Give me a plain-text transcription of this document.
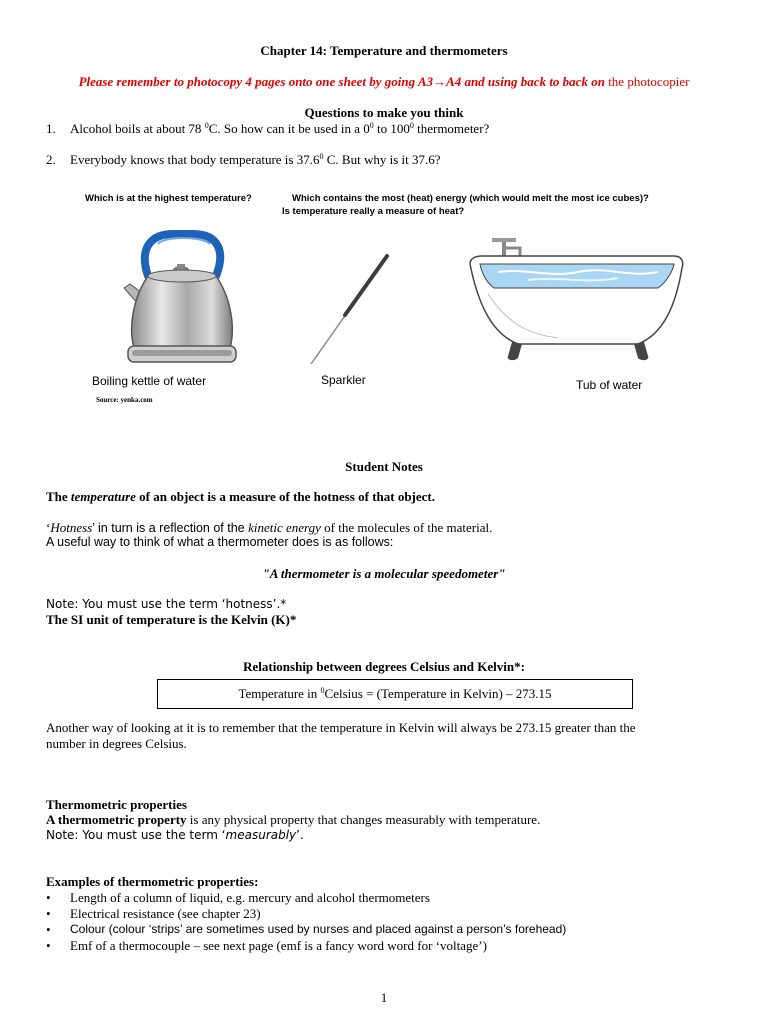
Chapter 14: Temperature and thermometers
Please remember to photocopy 4 pages onto one sheet by going A3→A4 and using back to back on the photocopier
Questions to make you think
1. Alcohol boils at about 78 $^0$C. So how can it be used in a $0^0$ to $100^0$ thermometer?
2. Everybody knows that body temperature is 37.6$^0$ C. But why is it 37.6?
Which is at the highest temperature?	Which contains the most (heat) energy (which would melt the most ice cubes)?
Is temperature really a measure of heat?
Boiling kettle of water
Source: yenka.com
Sparkler	Tub of water
Student Notes
The temperature of an object is a measure of the hotness of that object.
‘Hotness’ in turn is a reflection of the kinetic energy of the molecules of the material.
A useful way to think of what a thermometer does is as follows:
"A thermometer is a molecular speedometer"
Note: You must use the term ‘hotness’.*
The SI unit of temperature is the Kelvin (K)*
Relationship between degrees Celsius and Kelvin*:
Temperature in $^0$Celsius = (Temperature in Kelvin) – 273.15
Another way of looking at it is to remember that the temperature in Kelvin will always be 273.15 greater than the
number in degrees Celsius.
Thermometric properties
A thermometric property is any physical property that changes measurably with temperature.
Note: You must use the term ‘measurably’.
Examples of thermometric properties:
• Length of a column of liquid, e.g. mercury and alcohol thermometers
• Electrical resistance (see chapter 23)
• Colour (colour ‘strips’ are sometimes used by nurses and placed against a person’s forehead)
• Emf of a thermocouple – see next page (emf is a fancy word word for ‘voltage’)
1
